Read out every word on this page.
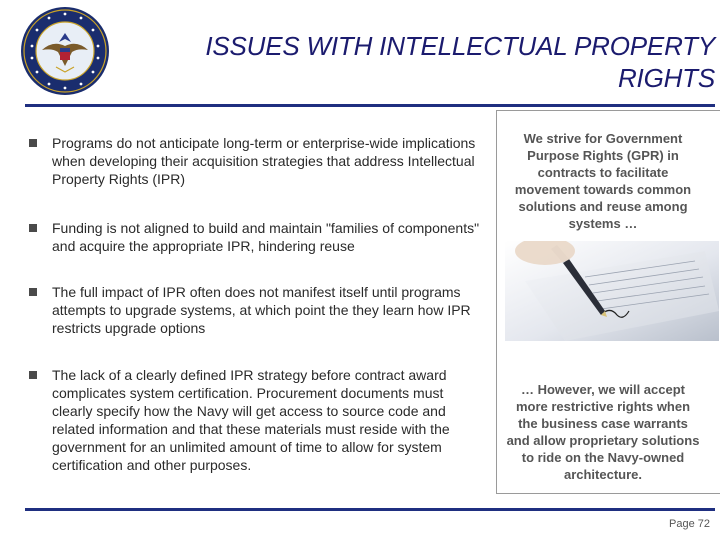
ISSUES WITH INTELLECTUAL PROPERTY RIGHTS
Programs do not anticipate long-term or enterprise-wide implications when developing their acquisition strategies that address Intellectual Property Rights (IPR)
Funding is not aligned to build and maintain "families of components" and acquire the appropriate IPR, hindering reuse
The full impact of IPR often does not manifest itself until programs attempts to upgrade systems, at which point the they learn how IPR restricts upgrade options
The lack of a clearly defined IPR strategy before contract award complicates system certification. Procurement documents must clearly specify how the Navy will get access to source code and related information and that these materials must reside with the government for an unlimited amount of time to allow for system certification and other purposes.

We strive for Government Purpose Rights (GPR) in contracts to facilitate movement towards common solutions and reuse among systems …

… However, we will accept more restrictive rights when the business case warrants and allow proprietary solutions to ride on the Navy-owned architecture.

Page 72
